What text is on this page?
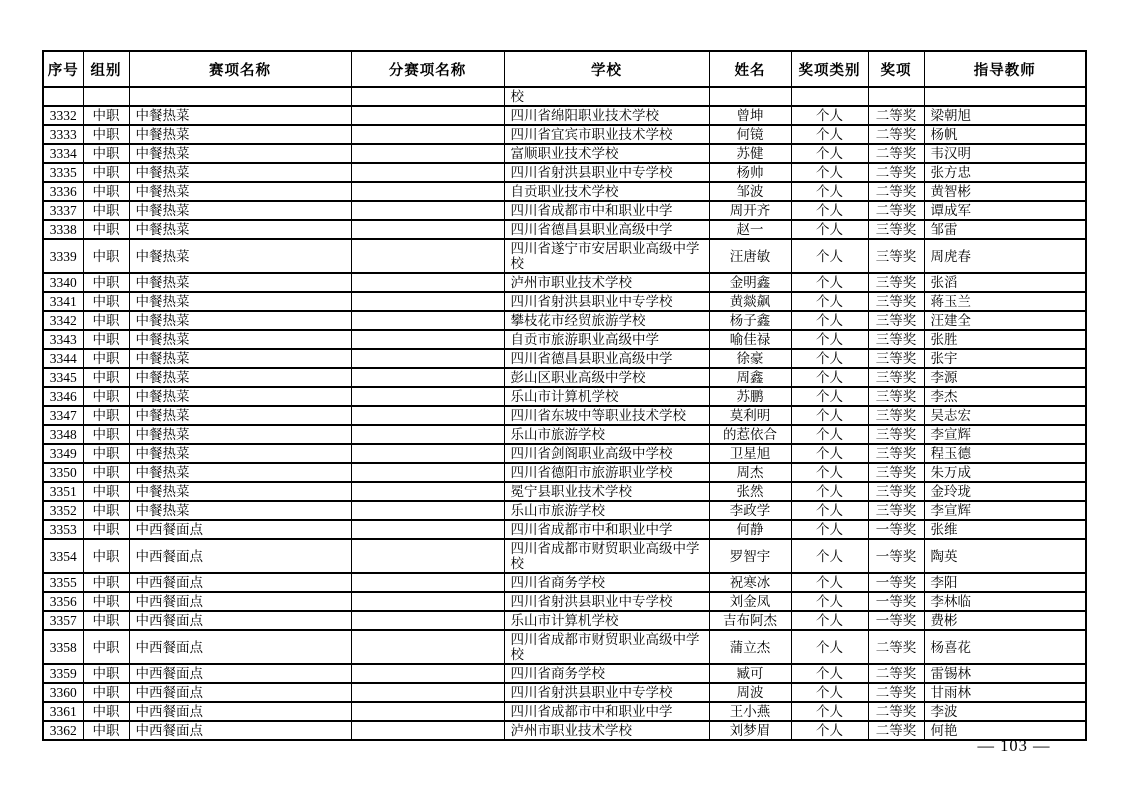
序号	组别	赛项名称	分赛项名称	学校	姓名	奖项类别	奖项	指导教师
				校				
3332	中职	中餐热菜		四川省绵阳职业技术学校	曾坤	个人	二等奖	梁朝旭
3333	中职	中餐热菜		四川省宜宾市职业技术学校	何镜	个人	二等奖	杨帆
3334	中职	中餐热菜		富顺职业技术学校	苏健	个人	二等奖	韦汉明
3335	中职	中餐热菜		四川省射洪县职业中专学校	杨帅	个人	二等奖	张方忠
3336	中职	中餐热菜		自贡职业技术学校	邹波	个人	二等奖	黄智彬
3337	中职	中餐热菜		四川省成都市中和职业中学	周开齐	个人	二等奖	谭成军
3338	中职	中餐热菜		四川省德昌县职业高级中学	赵一	个人	三等奖	邹雷
3339	中职	中餐热菜		四川省遂宁市安居职业高级中学校	汪唐敏	个人	三等奖	周虎春
3340	中职	中餐热菜		泸州市职业技术学校	金明鑫	个人	三等奖	张滔
3341	中职	中餐热菜		四川省射洪县职业中专学校	黄燚飙	个人	三等奖	蒋玉兰
3342	中职	中餐热菜		攀枝花市经贸旅游学校	杨子鑫	个人	三等奖	汪建全
3343	中职	中餐热菜		自贡市旅游职业高级中学	喻佳禄	个人	三等奖	张胜
3344	中职	中餐热菜		四川省德昌县职业高级中学	徐豪	个人	三等奖	张宇
3345	中职	中餐热菜		彭山区职业高级中学校	周鑫	个人	三等奖	李源
3346	中职	中餐热菜		乐山市计算机学校	苏鹏	个人	三等奖	李杰
3347	中职	中餐热菜		四川省东坡中等职业技术学校	莫利明	个人	三等奖	吴志宏
3348	中职	中餐热菜		乐山市旅游学校	的惹依合	个人	三等奖	李宣辉
3349	中职	中餐热菜		四川省剑阁职业高级中学校	卫星旭	个人	三等奖	程玉德
3350	中职	中餐热菜		四川省德阳市旅游职业学校	周杰	个人	三等奖	朱万成
3351	中职	中餐热菜		冕宁县职业技术学校	张然	个人	三等奖	金玲珑
3352	中职	中餐热菜		乐山市旅游学校	李政学	个人	三等奖	李宣辉
3353	中职	中西餐面点		四川省成都市中和职业中学	何静	个人	一等奖	张维
3354	中职	中西餐面点		四川省成都市财贸职业高级中学校	罗智宇	个人	一等奖	陶英
3355	中职	中西餐面点		四川省商务学校	祝寒冰	个人	一等奖	李阳
3356	中职	中西餐面点		四川省射洪县职业中专学校	刘金凤	个人	一等奖	李林临
3357	中职	中西餐面点		乐山市计算机学校	吉布阿杰	个人	一等奖	费彬
3358	中职	中西餐面点		四川省成都市财贸职业高级中学校	蒲立杰	个人	二等奖	杨喜花
3359	中职	中西餐面点		四川省商务学校	臧可	个人	二等奖	雷锡林
3360	中职	中西餐面点		四川省射洪县职业中专学校	周波	个人	二等奖	甘雨林
3361	中职	中西餐面点		四川省成都市中和职业中学	王小燕	个人	二等奖	李波
3362	中职	中西餐面点		泸州市职业技术学校	刘梦眉	个人	二等奖	何艳
— 103 —
